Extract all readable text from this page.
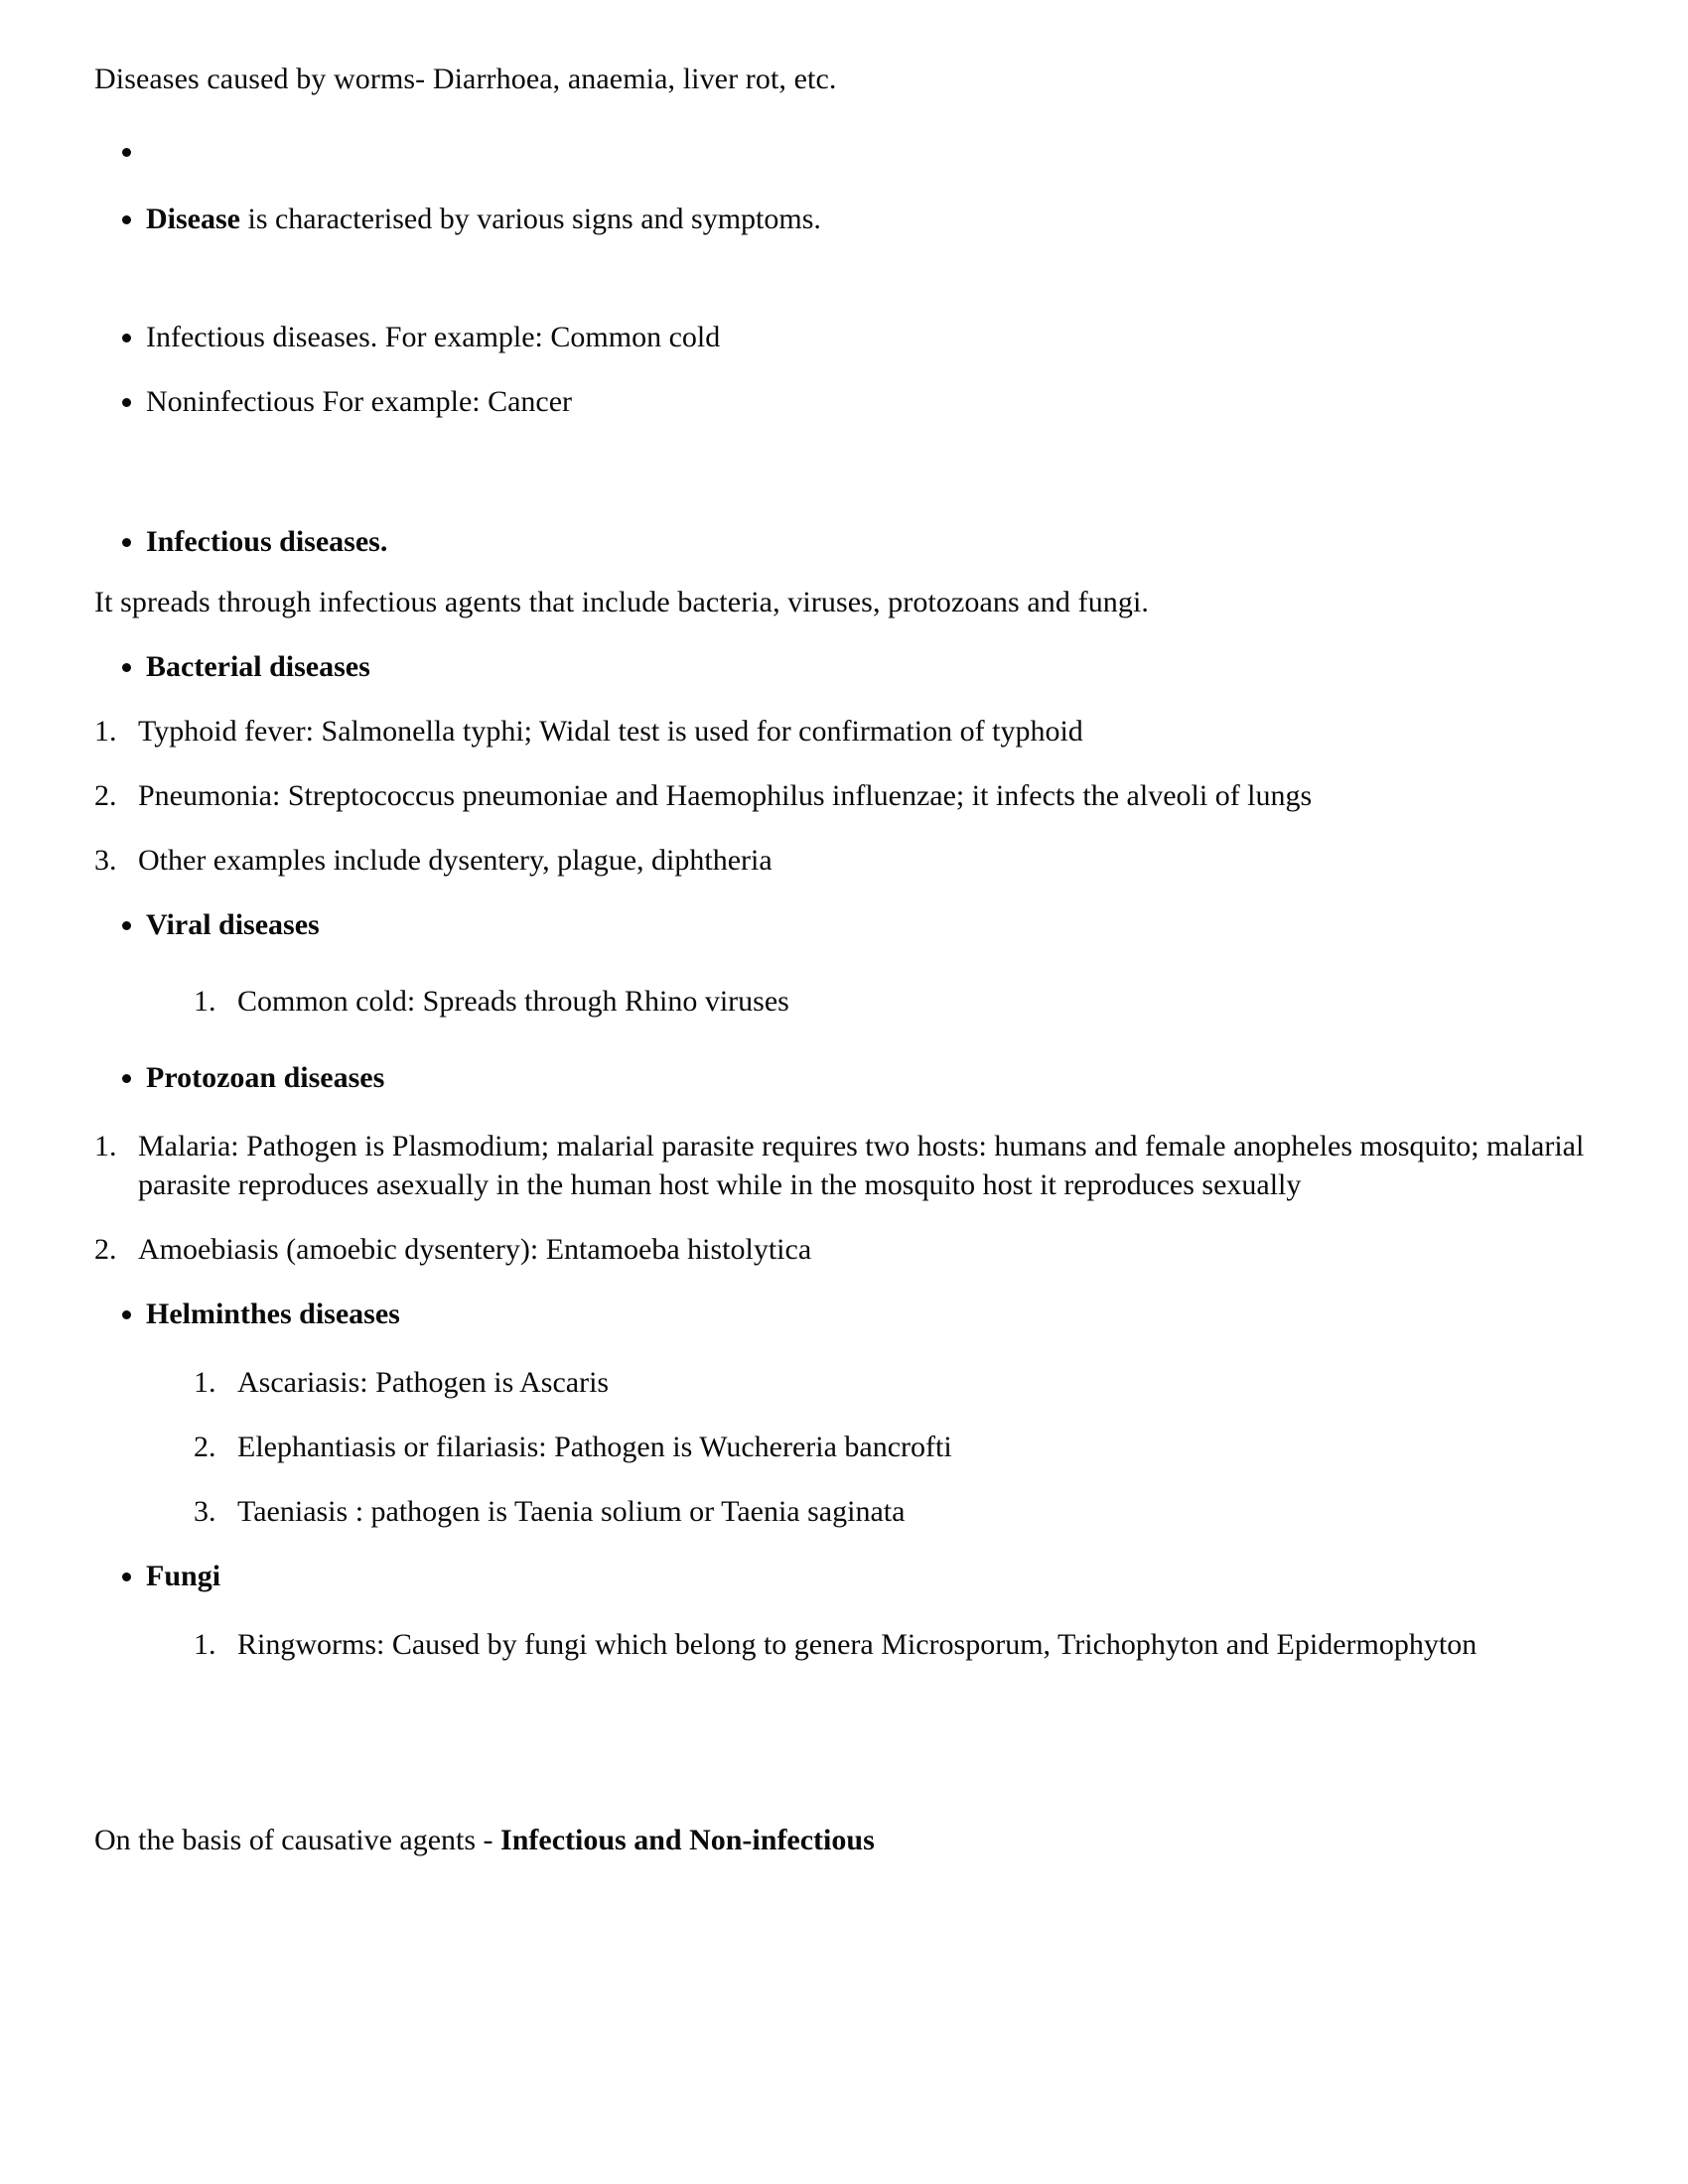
Diseases caused by worms- Diarrhoea, anaemia, liver rot, etc.

Disease is characterised by various signs and symptoms.
Infectious diseases. For example: Common cold
Noninfectious For example: Cancer
Infectious diseases.

It spreads through infectious agents that include bacteria, viruses, protozoans and fungi.

Bacterial diseases
1. Typhoid fever: Salmonella typhi; Widal test is used for confirmation of typhoid
2. Pneumonia: Streptococcus pneumoniae and Haemophilus influenzae; it infects the alveoli of lungs
3. Other examples include dysentery, plague, diphtheria
Viral diseases
1. Common cold: Spreads through Rhino viruses
Protozoan diseases
1. Malaria: Pathogen is Plasmodium; malarial parasite requires two hosts: humans and female anopheles mosquito; malarial parasite reproduces asexually in the human host while in the mosquito host it reproduces sexually
2. Amoebiasis (amoebic dysentery): Entamoeba histolytica
Helminthes diseases
1. Ascariasis: Pathogen is Ascaris
2. Elephantiasis or filariasis: Pathogen is Wuchereria bancrofti
3. Taeniasis : pathogen is Taenia solium or Taenia saginata
Fungi
1. Ringworms: Caused by fungi which belong to genera Microsporum, Trichophyton and Epidermophyton

On the basis of causative agents - Infectious and Non-infectious
